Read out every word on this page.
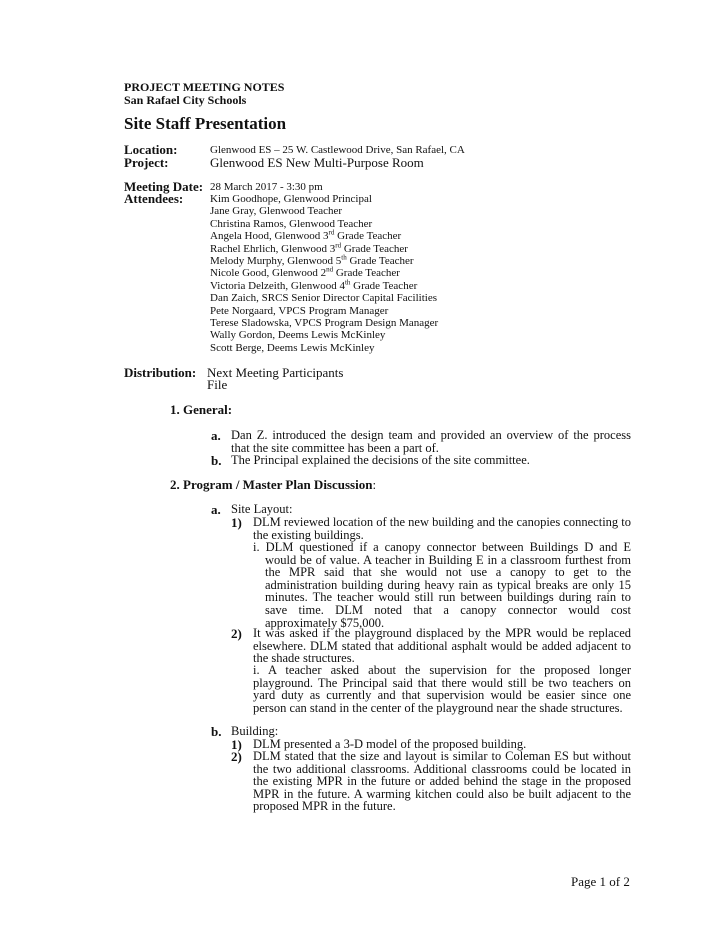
PROJECT MEETING NOTES
San Rafael City Schools
Site Staff Presentation
Location:	Glenwood ES – 25 W. Castlewood Drive, San Rafael, CA
Project:	Glenwood ES New Multi-Purpose Room
Meeting Date: 28 March 2017 - 3:30 pm
Attendees: Kim Goodhope, Glenwood Principal
Jane Gray, Glenwood Teacher
Christina Ramos, Glenwood Teacher
Angela Hood, Glenwood 3rd Grade Teacher
Rachel Ehrlich, Glenwood 3rd Grade Teacher
Melody Murphy, Glenwood 5th Grade Teacher
Nicole Good, Glenwood 2nd Grade Teacher
Victoria Delzeith, Glenwood 4th Grade Teacher
Dan Zaich, SRCS Senior Director Capital Facilities
Pete Norgaard, VPCS Program Manager
Terese Sladowska, VPCS Program Design Manager
Wally Gordon, Deems Lewis McKinley
Scott Berge, Deems Lewis McKinley
Distribution: Next Meeting Participants
File
1. General:
a. Dan Z. introduced the design team and provided an overview of the process that the site committee has been a part of.
b. The Principal explained the decisions of the site committee.
2. Program / Master Plan Discussion:
a. Site Layout:
1) DLM reviewed location of the new building and the canopies connecting to the existing buildings.
i. DLM questioned if a canopy connector between Buildings D and E would be of value. A teacher in Building E in a classroom furthest from the MPR said that she would not use a canopy to get to the administration building during heavy rain as typical breaks are only 15 minutes. The teacher would still run between buildings during rain to save time. DLM noted that a canopy connector would cost approximately $75,000.
2) It was asked if the playground displaced by the MPR would be replaced elsewhere. DLM stated that additional asphalt would be added adjacent to the shade structures.
i. A teacher asked about the supervision for the proposed longer playground. The Principal said that there would still be two teachers on yard duty as currently and that supervision would be easier since one person can stand in the center of the playground near the shade structures.
b. Building:
1) DLM presented a 3-D model of the proposed building.
2) DLM stated that the size and layout is similar to Coleman ES but without the two additional classrooms. Additional classrooms could be located in the existing MPR in the future or added behind the stage in the proposed MPR in the future. A warming kitchen could also be built adjacent to the proposed MPR in the future.
Page 1 of 2
